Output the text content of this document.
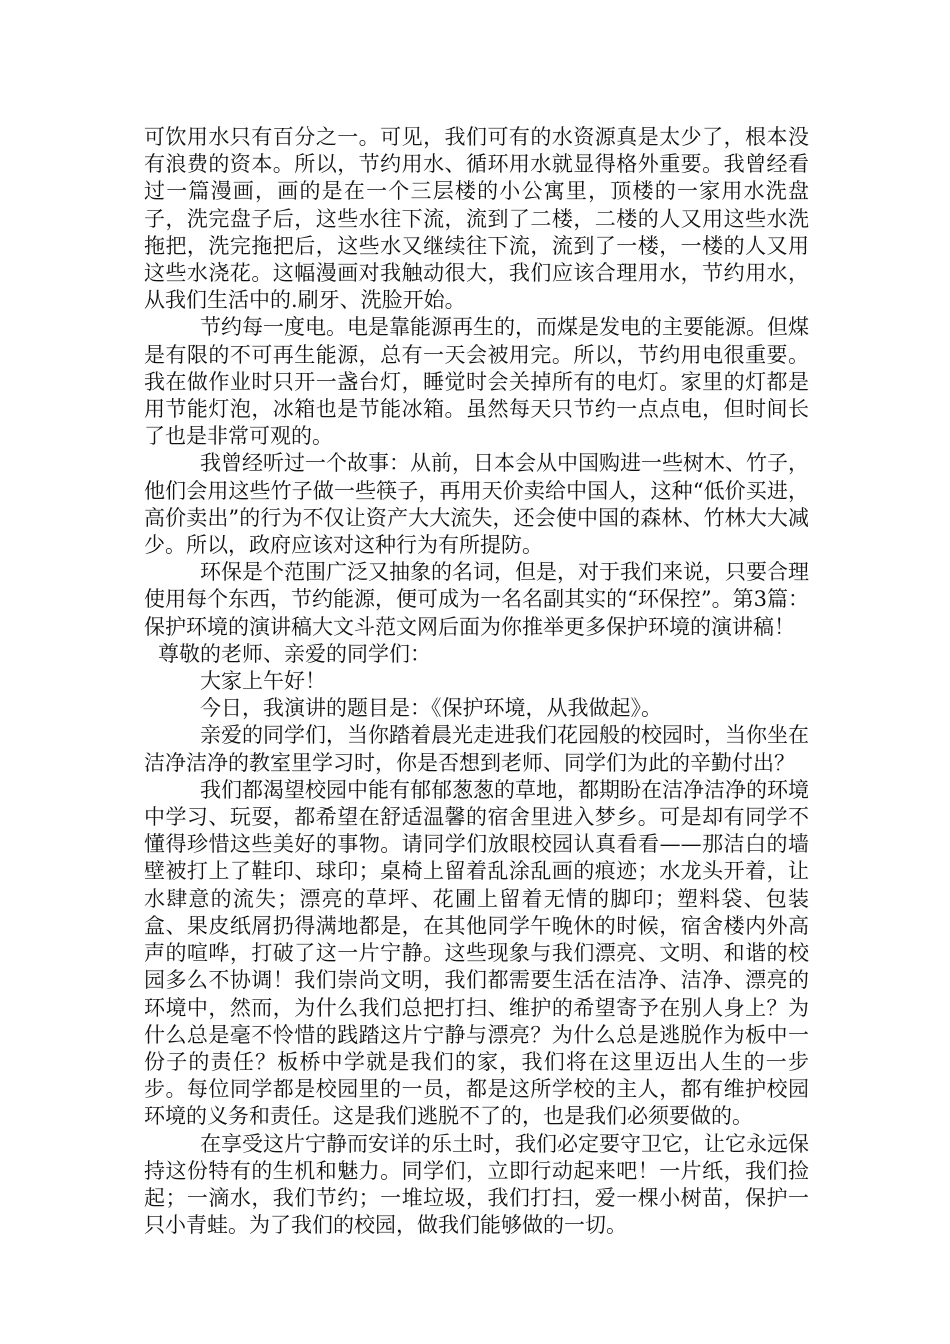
可饮用水只有百分之一。可见，我们可有的水资源真是太少了，根本没有浪费的资本。所以，节约用水、循环用水就显得格外重要。我曾经看过一篇漫画，画的是在一个三层楼的小公寓里，顶楼的一家用水洗盘子，洗完盘子后，这些水往下流，流到了二楼，二楼的人又用这些水洗拖把，洗完拖把后，这些水又继续往下流，流到了一楼，一楼的人又用这些水浇花。这幅漫画对我触动很大，我们应该合理用水，节约用水，从我们生活中的.刷牙、洗脸开始。

节约每一度电。电是靠能源再生的，而煤是发电的主要能源。但煤是有限的不可再生能源，总有一天会被用完。所以，节约用电很重要。我在做作业时只开一盏台灯，睡觉时会关掉所有的电灯。家里的灯都是用节能灯泡，冰箱也是节能冰箱。虽然每天只节约一点点电，但时间长了也是非常可观的。

我曾经听过一个故事：从前，日本会从中国购进一些树木、竹子，他们会用这些竹子做一些筷子，再用天价卖给中国人，这种“低价买进，高价卖出”的行为不仅让资产大大流失，还会使中国的森林、竹林大大减少。所以，政府应该对这种行为有所提防。

环保是个范围广泛又抽象的名词，但是，对于我们来说，只要合理使用每个东西，节约能源，便可成为一名名副其实的“环保控”。第3篇：保护环境的演讲稿大文斗范文网后面为你推举更多保护环境的演讲稿！

尊敬的老师、亲爱的同学们：

大家上午好！

今日，我演讲的题目是：《保护环境，从我做起》。

亲爱的同学们，当你踏着晨光走进我们花园般的校园时，当你坐在洁净洁净的教室里学习时，你是否想到老师、同学们为此的辛勤付出？

我们都渴望校园中能有郁郁葱葱的草地，都期盼在洁净洁净的环境中学习、玩耍，都希望在舒适温馨的宿舍里进入梦乡。可是却有同学不懂得珍惜这些美好的事物。请同学们放眼校园认真看看——那洁白的墙壁被打上了鞋印、球印；桌椅上留着乱涂乱画的痕迹；水龙头开着，让水肆意的流失；漂亮的草坪、花圃上留着无情的脚印；塑料袋、包装盒、果皮纸屑扔得满地都是，在其他同学午晚休的时候，宿舍楼内外高声的喧哗，打破了这一片宁静。这些现象与我们漂亮、文明、和谐的校园多么不协调！我们崇尚文明，我们都需要生活在洁净、洁净、漂亮的环境中，然而，为什么我们总把打扫、维护的希望寄予在别人身上？为什么总是毫不怜惜的践踏这片宁静与漂亮？为什么总是逃脱作为板中一份子的责任？板桥中学就是我们的家，我们将在这里迈出人生的一步步。每位同学都是校园里的一员，都是这所学校的主人，都有维护校园环境的义务和责任。这是我们逃脱不了的，也是我们必须要做的。

在享受这片宁静而安详的乐土时，我们必定要守卫它，让它永远保持这份特有的生机和魅力。同学们，立即行动起来吧！一片纸，我们捡起；一滴水，我们节约；一堆垃圾，我们打扫，爱一棵小树苗，保护一只小青蛙。为了我们的校园，做我们能够做的一切。
